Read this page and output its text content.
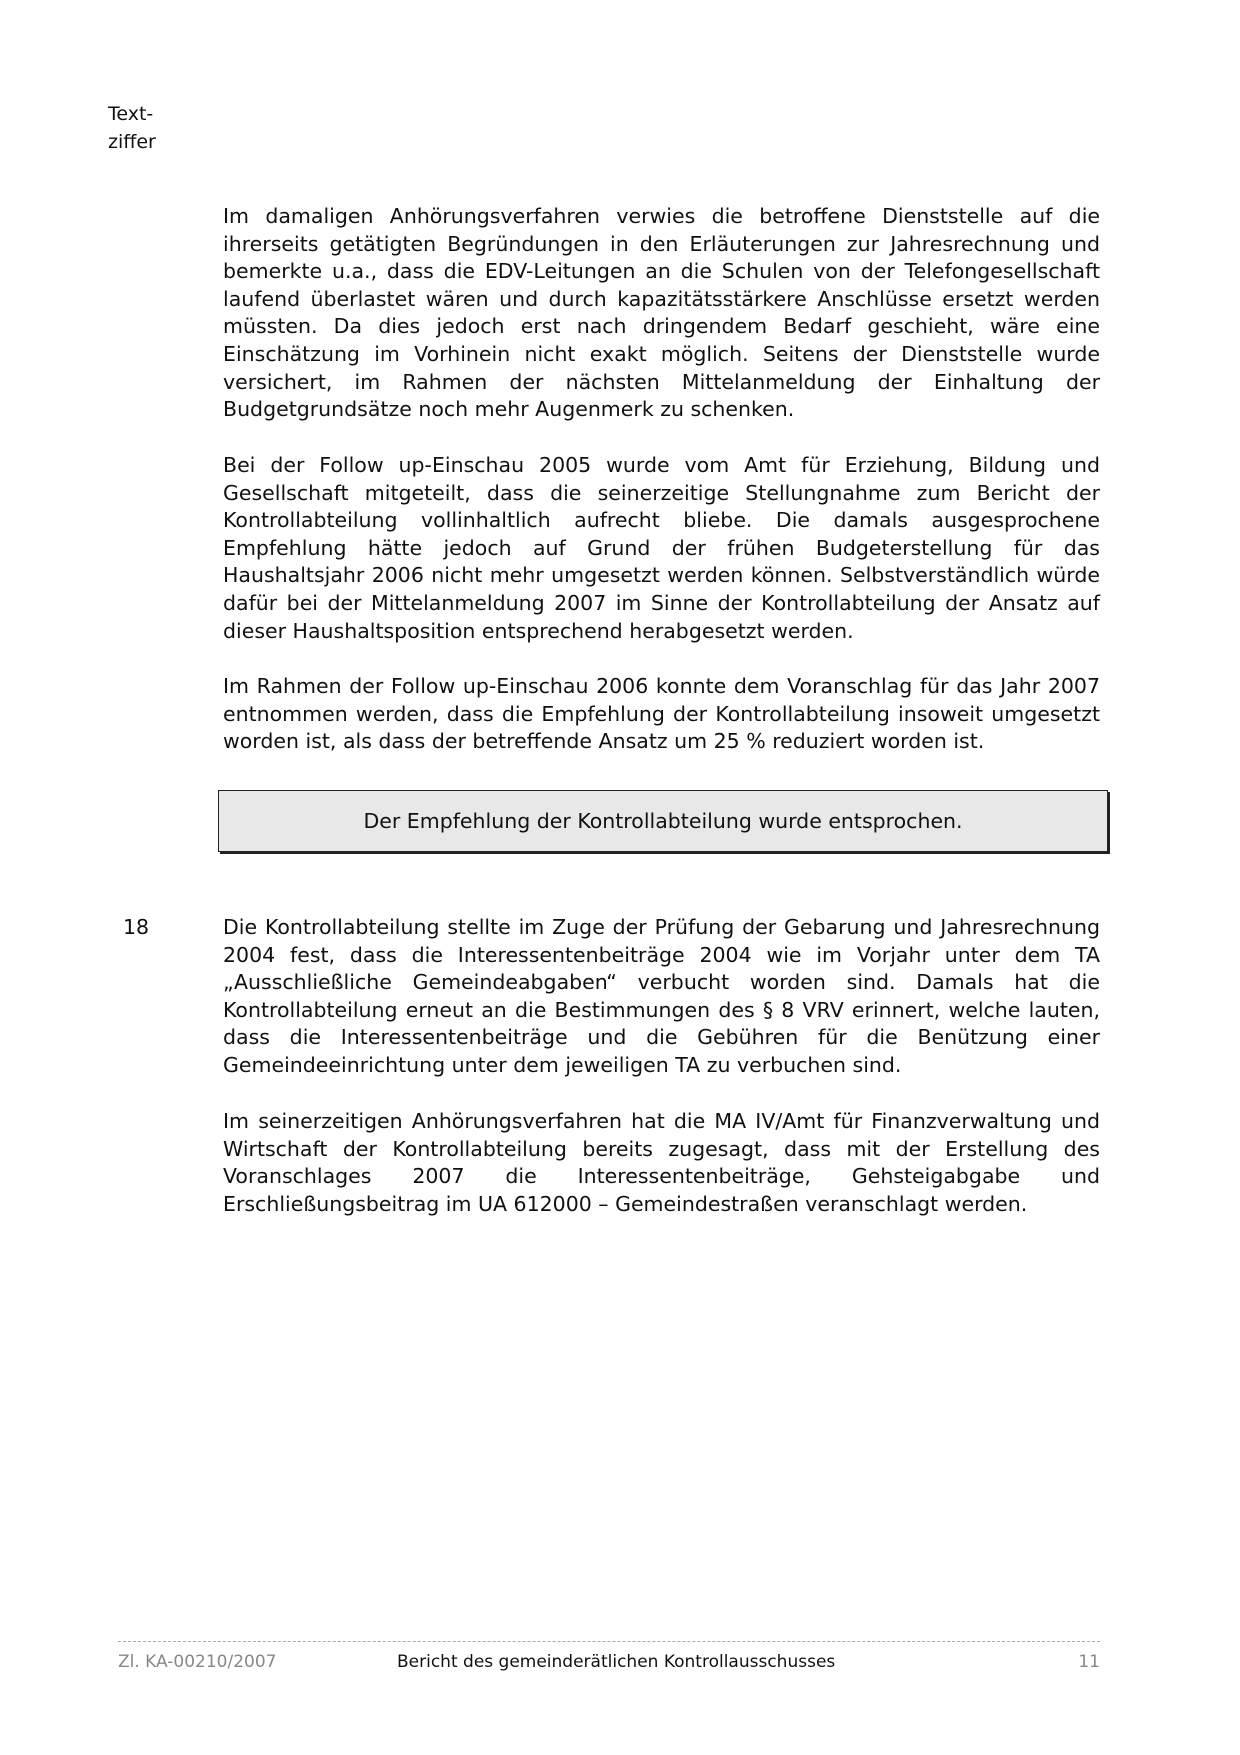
Text-
ziffer

Im damaligen Anhörungsverfahren verwies die betroffene Dienststelle auf die ihrerseits getätigten Begründungen in den Erläuterungen zur Jahresrechnung und bemerkte u.a., dass die EDV-Leitungen an die Schulen von der Telefongesellschaft laufend überlastet wären und durch kapazitätsstärkere Anschlüsse ersetzt werden müssten. Da dies jedoch erst nach dringendem Bedarf geschieht, wäre eine Einschätzung im Vorhinein nicht exakt möglich. Seitens der Dienststelle wurde versichert, im Rahmen der nächsten Mittelanmeldung der Einhaltung der Budgetgrundsätze noch mehr Augenmerk zu schenken.

Bei der Follow up-Einschau 2005 wurde vom Amt für Erziehung, Bildung und Gesellschaft mitgeteilt, dass die seinerzeitige Stellungnahme zum Bericht der Kontrollabteilung vollinhaltlich aufrecht bliebe. Die damals ausgesprochene Empfehlung hätte jedoch auf Grund der frühen Budgeterstellung für das Haushaltsjahr 2006 nicht mehr umgesetzt werden können. Selbstverständlich würde dafür bei der Mittelanmeldung 2007 im Sinne der Kontrollabteilung der Ansatz auf dieser Haushaltsposition entsprechend herabgesetzt werden.

Im Rahmen der Follow up-Einschau 2006 konnte dem Voranschlag für das Jahr 2007 entnommen werden, dass die Empfehlung der Kontrollabteilung insoweit umgesetzt worden ist, als dass der betreffende Ansatz um 25 % reduziert worden ist.

Der Empfehlung der Kontrollabteilung wurde entsprochen.
18	Die Kontrollabteilung stellte im Zuge der Prüfung der Gebarung und Jahresrechnung 2004 fest, dass die Interessentenbeiträge 2004 wie im Vorjahr unter dem TA „Ausschließliche Gemeindeabgaben“ verbucht worden sind. Damals hat die Kontrollabteilung erneut an die Bestimmungen des § 8 VRV erinnert, welche lauten, dass die Interessentenbeiträge und die Gebühren für die Benützung einer Gemeindeeinrichtung unter dem jeweiligen TA zu verbuchen sind.

Im seinerzeitigen Anhörungsverfahren hat die MA IV/Amt für Finanzverwaltung und Wirtschaft der Kontrollabteilung bereits zugesagt, dass mit der Erstellung des Voranschlages 2007 die Interessentenbeiträge, Gehsteigabgabe und Erschließungsbeitrag im UA 612000 – Gemeindestraßen veranschlagt werden.

Zl. KA-00210/2007	Bericht des gemeinderätlichen Kontrollausschusses	11
